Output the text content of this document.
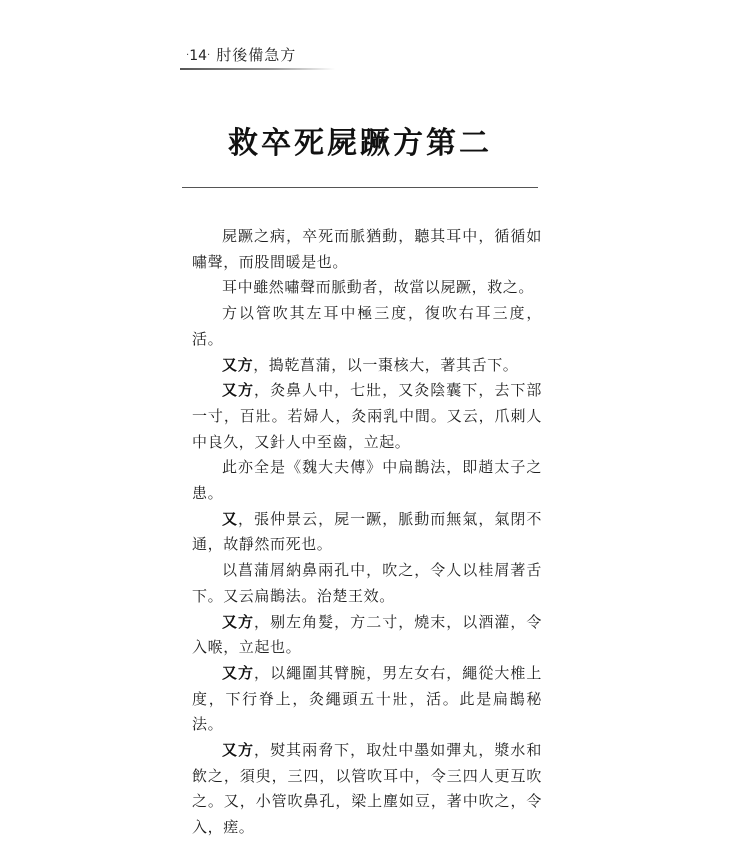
·14· 肘後備急方
救卒死屍蹶方第二

屍蹶之病，卒死而脈猶動，聽其耳中，循循如嘯聲，而股間暖是也。

耳中雖然嘯聲而脈動者，故當以屍蹶，救之。

方以管吹其左耳中極三度，復吹右耳三度，活。

又方，搗乾菖蒲，以一棗核大，著其舌下。

又方，灸鼻人中，七壯，又灸陰囊下，去下部一寸，百壯。若婦人，灸兩乳中間。又云，爪刺人中良久，又針人中至齒，立起。

此亦全是《魏大夫傳》中扁鵲法，即趙太子之患。

又，張仲景云，屍一蹶，脈動而無氣，氣閉不通，故靜然而死也。

以菖蒲屑納鼻兩孔中，吹之，令人以桂屑著舌下。又云扁鵲法。治楚王效。

又方，剔左角髮，方二寸，燒末，以酒灌，令入喉，立起也。

又方，以繩圍其臂腕，男左女右，繩從大椎上度，下行脊上，灸繩頭五十壯，活。此是扁鵲秘法。

又方，熨其兩脅下，取灶中墨如彈丸，漿水和飲之，須臾，三四，以管吹耳中，令三四人更互吹之。又，小管吹鼻孔，梁上塵如豆，著中吹之，令入，瘥。
